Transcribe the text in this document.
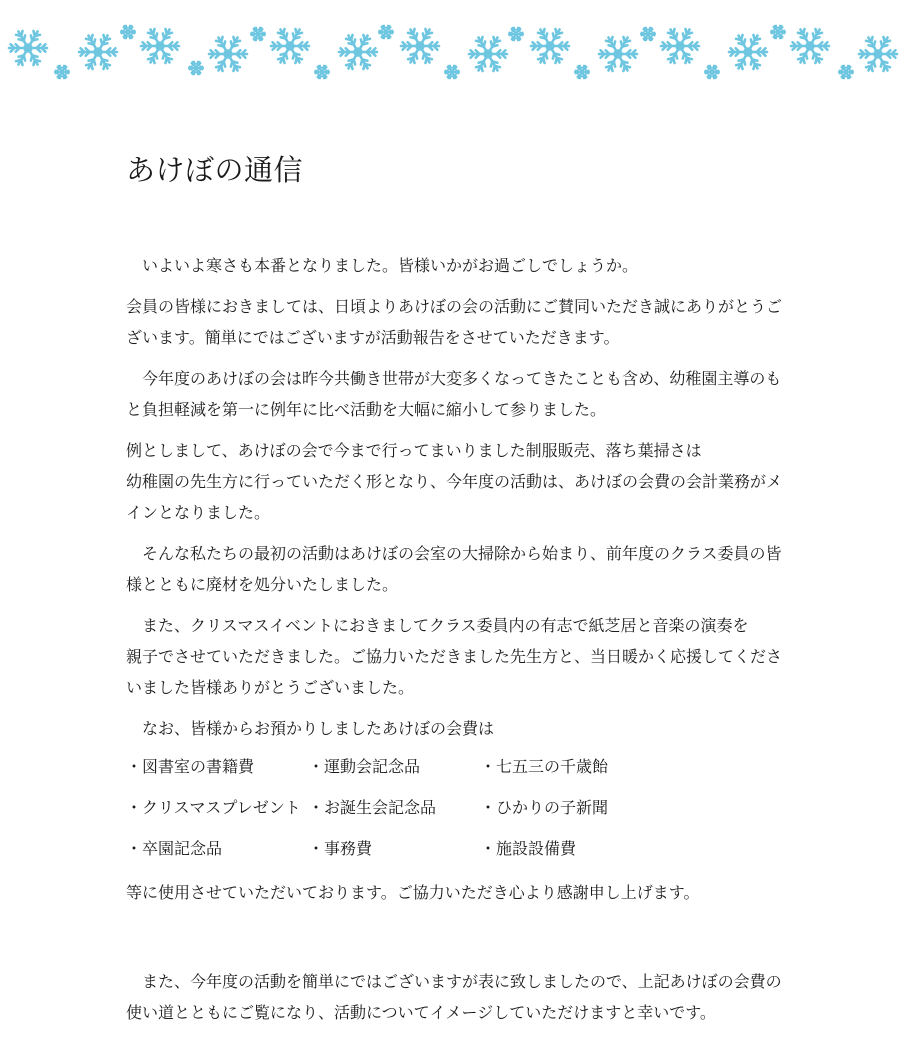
あけぼの通信

　いよいよ寒さも本番となりました。皆様いかがお過ごしでしょうか。

会員の皆様におきましては、日頃よりあけぼの会の活動にご賛同いただき誠にありがとうございます。簡単にではございますが活動報告をさせていただきます。

　今年度のあけぼの会は昨今共働き世帯が大変多くなってきたことも含め、幼稚園主導のもと負担軽減を第一に例年に比べ活動を大幅に縮小して参りました。

例としまして、あけぼの会で今まで行ってまいりました制服販売、落ち葉掃さは
幼稚園の先生方に行っていただく形となり、今年度の活動は、あけぼの会費の会計業務がメインとなりました。

　そんな私たちの最初の活動はあけぼの会室の大掃除から始まり、前年度のクラス委員の皆様とともに廃材を処分いたしました。

　また、クリスマスイベントにおきましてクラス委員内の有志で紙芝居と音楽の演奏を
親子でさせていただきました。ご協力いただきました先生方と、当日暖かく応援してくださいました皆様ありがとうございました。

　なお、皆様からお預かりしましたあけぼの会費は

・図書室の書籍費	・運動会記念品	・七五三の千歳飴
・クリスマスプレゼント ・お誕生会記念品	・ひかりの子新聞
・卒園記念品	・事務費	・施設設備費

等に使用させていただいております。ご協力いただき心より感謝申し上げます。

　また、今年度の活動を簡単にではございますが表に致しましたので、上記あけぼの会費の使い道とともにご覧になり、活動についてイメージしていただけますと幸いです。
